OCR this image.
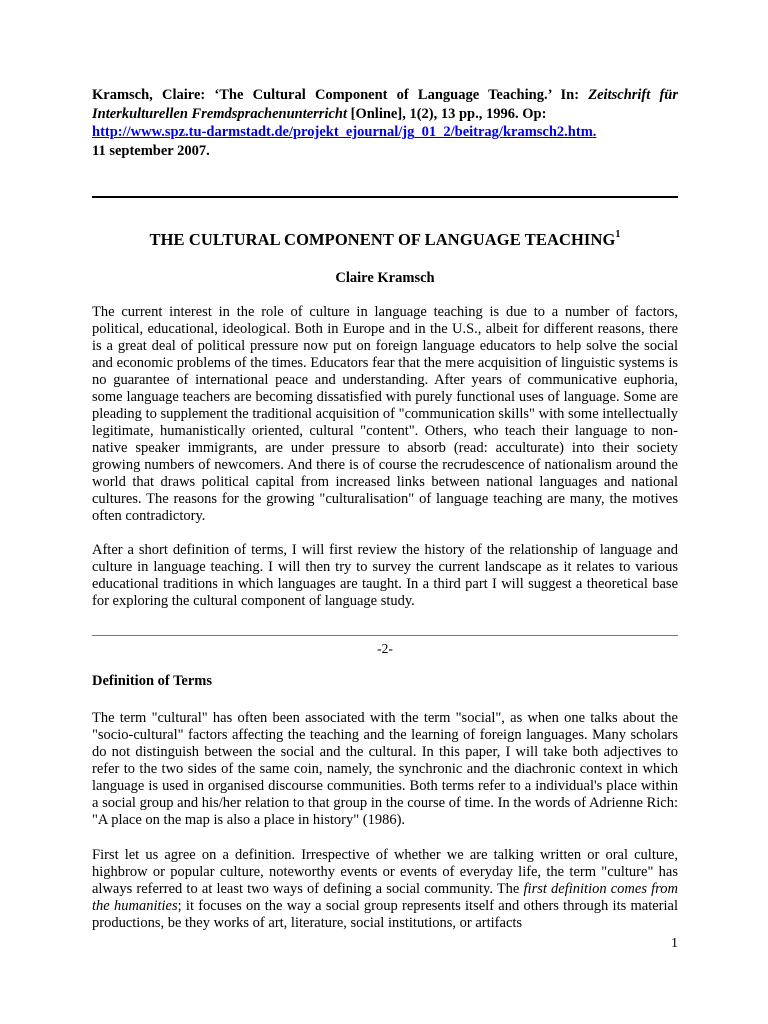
Kramsch, Claire: ‘The Cultural Component of Language Teaching.’ In: Zeitschrift für Interkulturellen Fremdsprachenunterricht [Online], 1(2), 13 pp., 1996. Op:
http://www.spz.tu-darmstadt.de/projekt_ejournal/jg_01_2/beitrag/kramsch2.htm.
11 september 2007.
THE CULTURAL COMPONENT OF LANGUAGE TEACHING$^1$
Claire Kramsch

The current interest in the role of culture in language teaching is due to a number of factors, political, educational, ideological. Both in Europe and in the U.S., albeit for different reasons, there is a great deal of political pressure now put on foreign language educators to help solve the social and economic problems of the times. Educators fear that the mere acquisition of linguistic systems is no guarantee of international peace and understanding. After years of communicative euphoria, some language teachers are becoming dissatisfied with purely functional uses of language. Some are pleading to supplement the traditional acquisition of "communication skills" with some intellectually legitimate, humanistically oriented, cultural "content". Others, who teach their language to non-native speaker immigrants, are under pressure to absorb (read: acculturate) into their society growing numbers of newcomers. And there is of course the recrudescence of nationalism around the world that draws political capital from increased links between national languages and national cultures. The reasons for the growing "culturalisation" of language teaching are many, the motives often contradictory.

After a short definition of terms, I will first review the history of the relationship of language and culture in language teaching. I will then try to survey the current landscape as it relates to various educational traditions in which languages are taught. In a third part I will suggest a theoretical base for exploring the cultural component of language study.

-2-
Definition of Terms

The term "cultural" has often been associated with the term "social", as when one talks about the "socio-cultural" factors affecting the teaching and the learning of foreign languages. Many scholars do not distinguish between the social and the cultural. In this paper, I will take both adjectives to refer to the two sides of the same coin, namely, the synchronic and the diachronic context in which language is used in organised discourse communities. Both terms refer to a individual's place within a social group and his/her relation to that group in the course of time. In the words of Adrienne Rich: "A place on the map is also a place in history" (1986).

First let us agree on a definition. Irrespective of whether we are talking written or oral culture, highbrow or popular culture, noteworthy events or events of everyday life, the term "culture" has always referred to at least two ways of defining a social community. The first definition comes from the humanities; it focuses on the way a social group represents itself and others through its material productions, be they works of art, literature, social institutions, or artifacts

1
